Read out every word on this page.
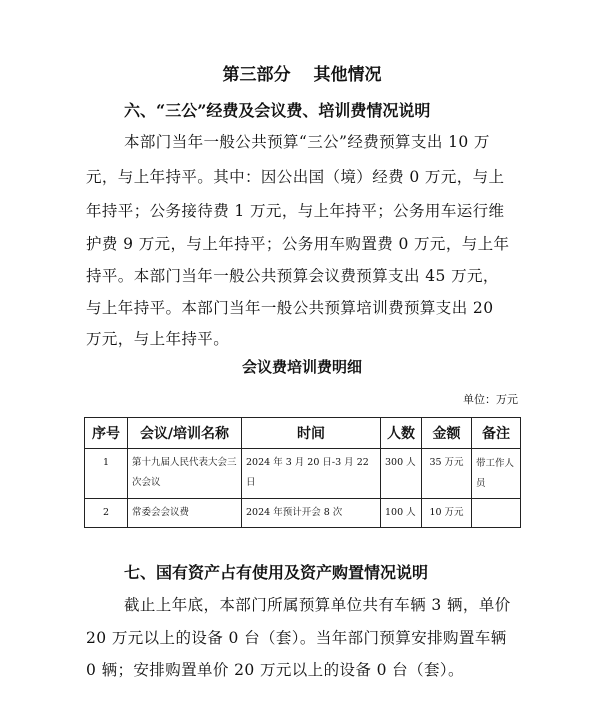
第三部分　 其他情况
六、“三公”经费及会议费、培训费情况说明
本部门当年一般公共预算“三公”经费预算支出 10 万
元，与上年持平。其中：因公出国（境）经费 0 万元，与上
年持平；公务接待费 1 万元，与上年持平；公务用车运行维
护费 9 万元，与上年持平；公务用车购置费 0 万元，与上年
持平。本部门当年一般公共预算会议费预算支出 45 万元，
与上年持平。本部门当年一般公共预算培训费预算支出 20
万元，与上年持平。
会议费培训费明细
单位：万元
序号	会议/培训名称	时间	人数	金额	备注
1	第十九届人民代表大会三次会议	2024 年 3 月 20 日-3 月 22 日	300 人	35 万元	带工作人员
2	常委会会议费	2024 年预计开会 8 次	100 人	10 万元	
七、国有资产占有使用及资产购置情况说明
截止上年底，本部门所属预算单位共有车辆 3 辆，单价
20 万元以上的设备 0 台（套）。当年部门预算安排购置车辆
0 辆；安排购置单价 20 万元以上的设备 0 台（套）。
